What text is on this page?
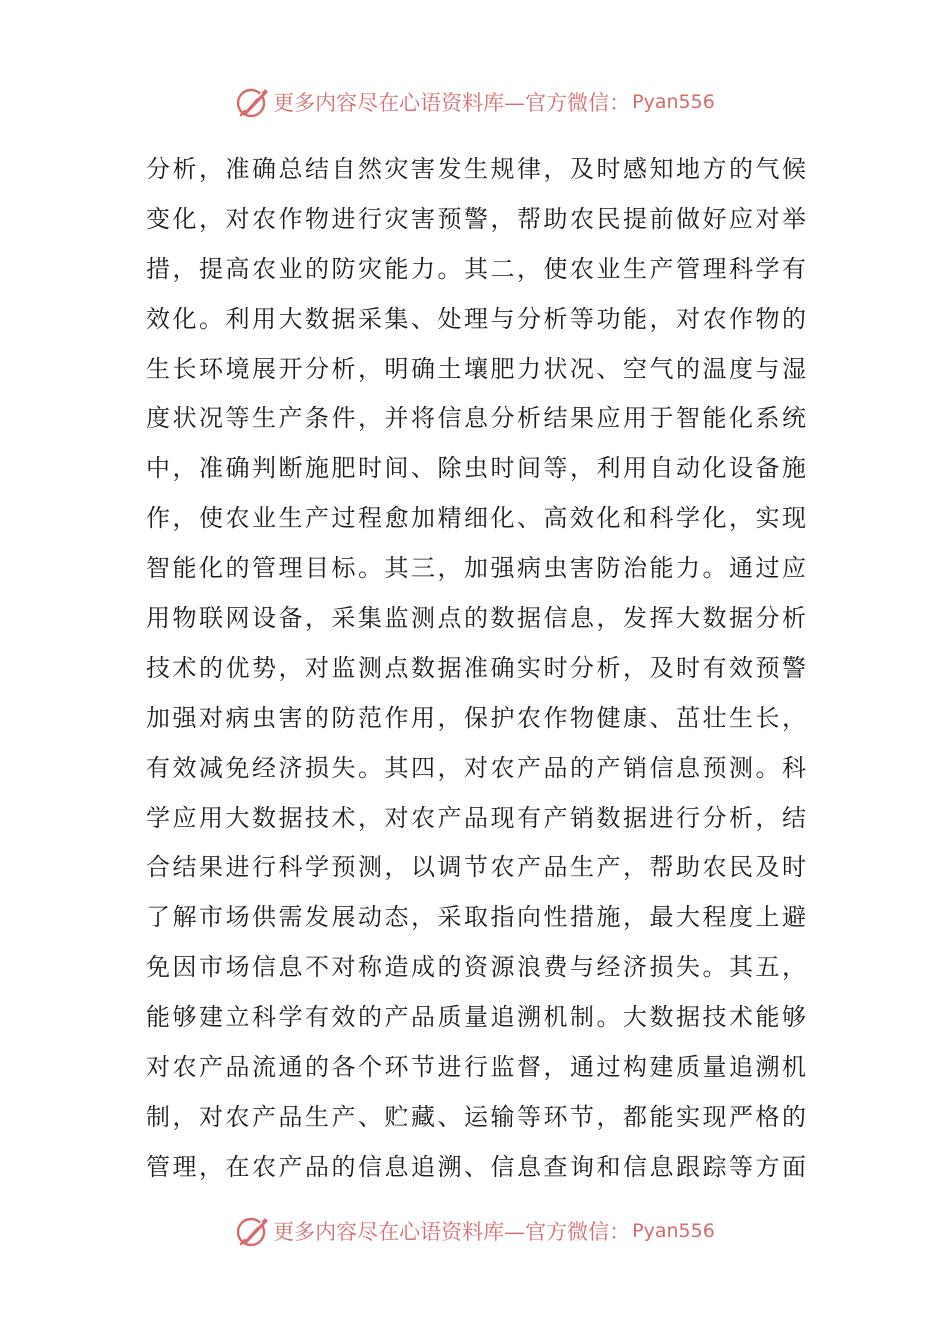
更多内容尽在心语资料库—官方微信： Pyan556
分析，准确总结自然灾害发生规律，及时感知地方的气候
变化，对农作物进行灾害预警，帮助农民提前做好应对举
措，提高农业的防灾能力。其二，使农业生产管理科学有
效化。利用大数据采集、处理与分析等功能，对农作物的
生长环境展开分析，明确土壤肥力状况、空气的温度与湿
度状况等生产条件，并将信息分析结果应用于智能化系统
中，准确判断施肥时间、除虫时间等，利用自动化设备施
作，使农业生产过程愈加精细化、高效化和科学化，实现
智能化的管理目标。其三，加强病虫害防治能力。通过应
用物联网设备，采集监测点的数据信息，发挥大数据分析
技术的优势，对监测点数据准确实时分析，及时有效预警
加强对病虫害的防范作用，保护农作物健康、茁壮生长，
有效减免经济损失。其四，对农产品的产销信息预测。科
学应用大数据技术，对农产品现有产销数据进行分析，结
合结果进行科学预测，以调节农产品生产，帮助农民及时
了解市场供需发展动态，采取指向性措施，最大程度上避
免因市场信息不对称造成的资源浪费与经济损失。其五，
能够建立科学有效的产品质量追溯机制。大数据技术能够
对农产品流通的各个环节进行监督，通过构建质量追溯机
制，对农产品生产、贮藏、运输等环节，都能实现严格的
管理，在农产品的信息追溯、信息查询和信息跟踪等方面
更多内容尽在心语资料库—官方微信： Pyan556
